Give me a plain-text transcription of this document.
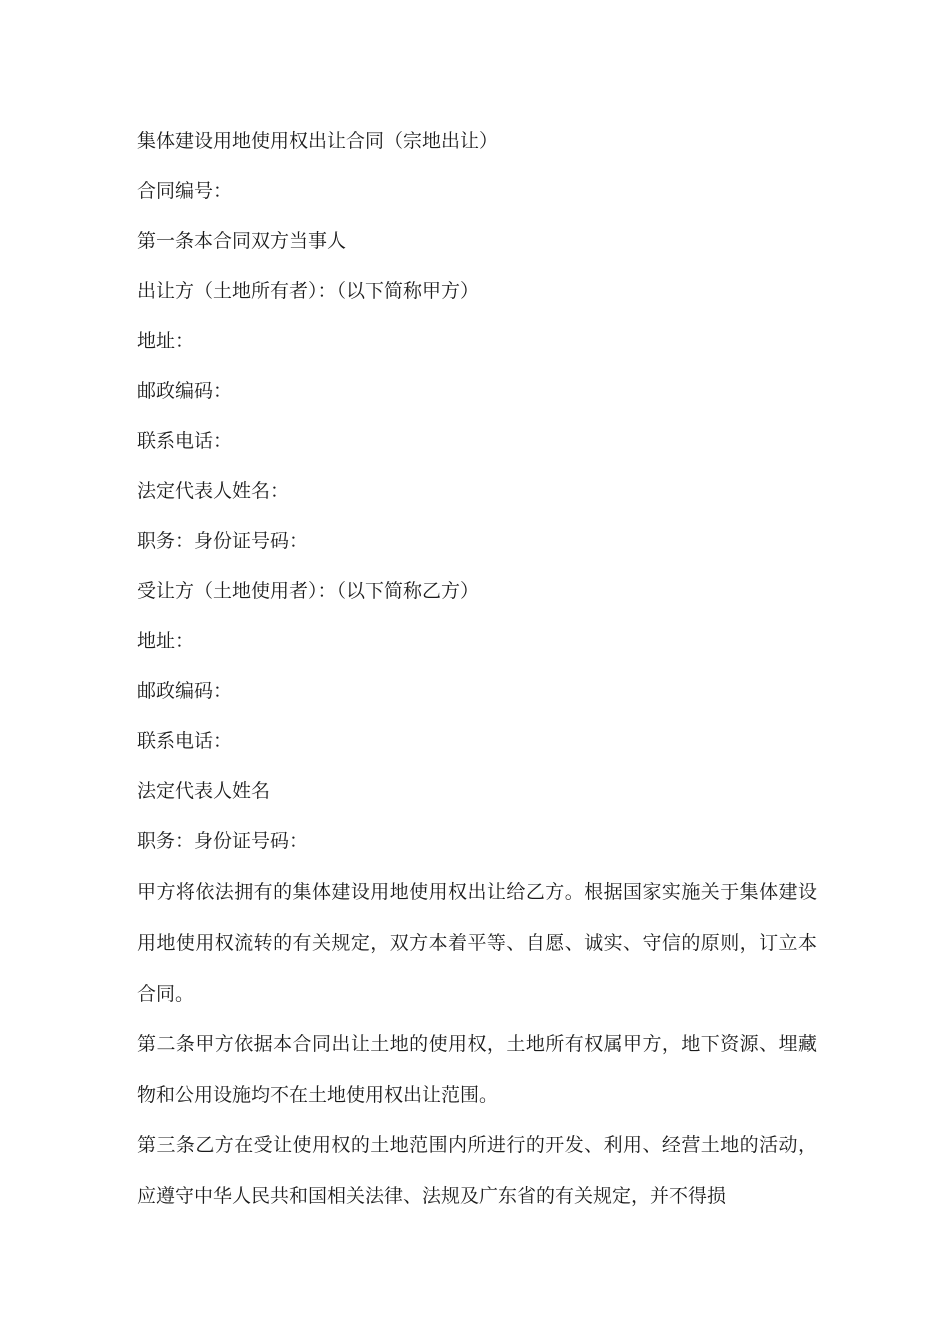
集体建设用地使用权出让合同（宗地出让）
合同编号：
第一条本合同双方当事人
出让方（土地所有者）：（以下简称甲方）
地址：
邮政编码：
联系电话：
法定代表人姓名：
职务：身份证号码：
受让方（土地使用者）：（以下简称乙方）
地址：
邮政编码：
联系电话：
法定代表人姓名
职务：身份证号码：
甲方将依法拥有的集体建设用地使用权出让给乙方。根据国家实施关于集体建设用地使用权流转的有关规定，双方本着平等、自愿、诚实、守信的原则，订立本合同。
第二条甲方依据本合同出让土地的使用权，土地所有权属甲方，地下资源、埋藏物和公用设施均不在土地使用权出让范围。
第三条乙方在受让使用权的土地范围内所进行的开发、利用、经营土地的活动，应遵守中华人民共和国相关法律、法规及广东省的有关规定，并不得损
